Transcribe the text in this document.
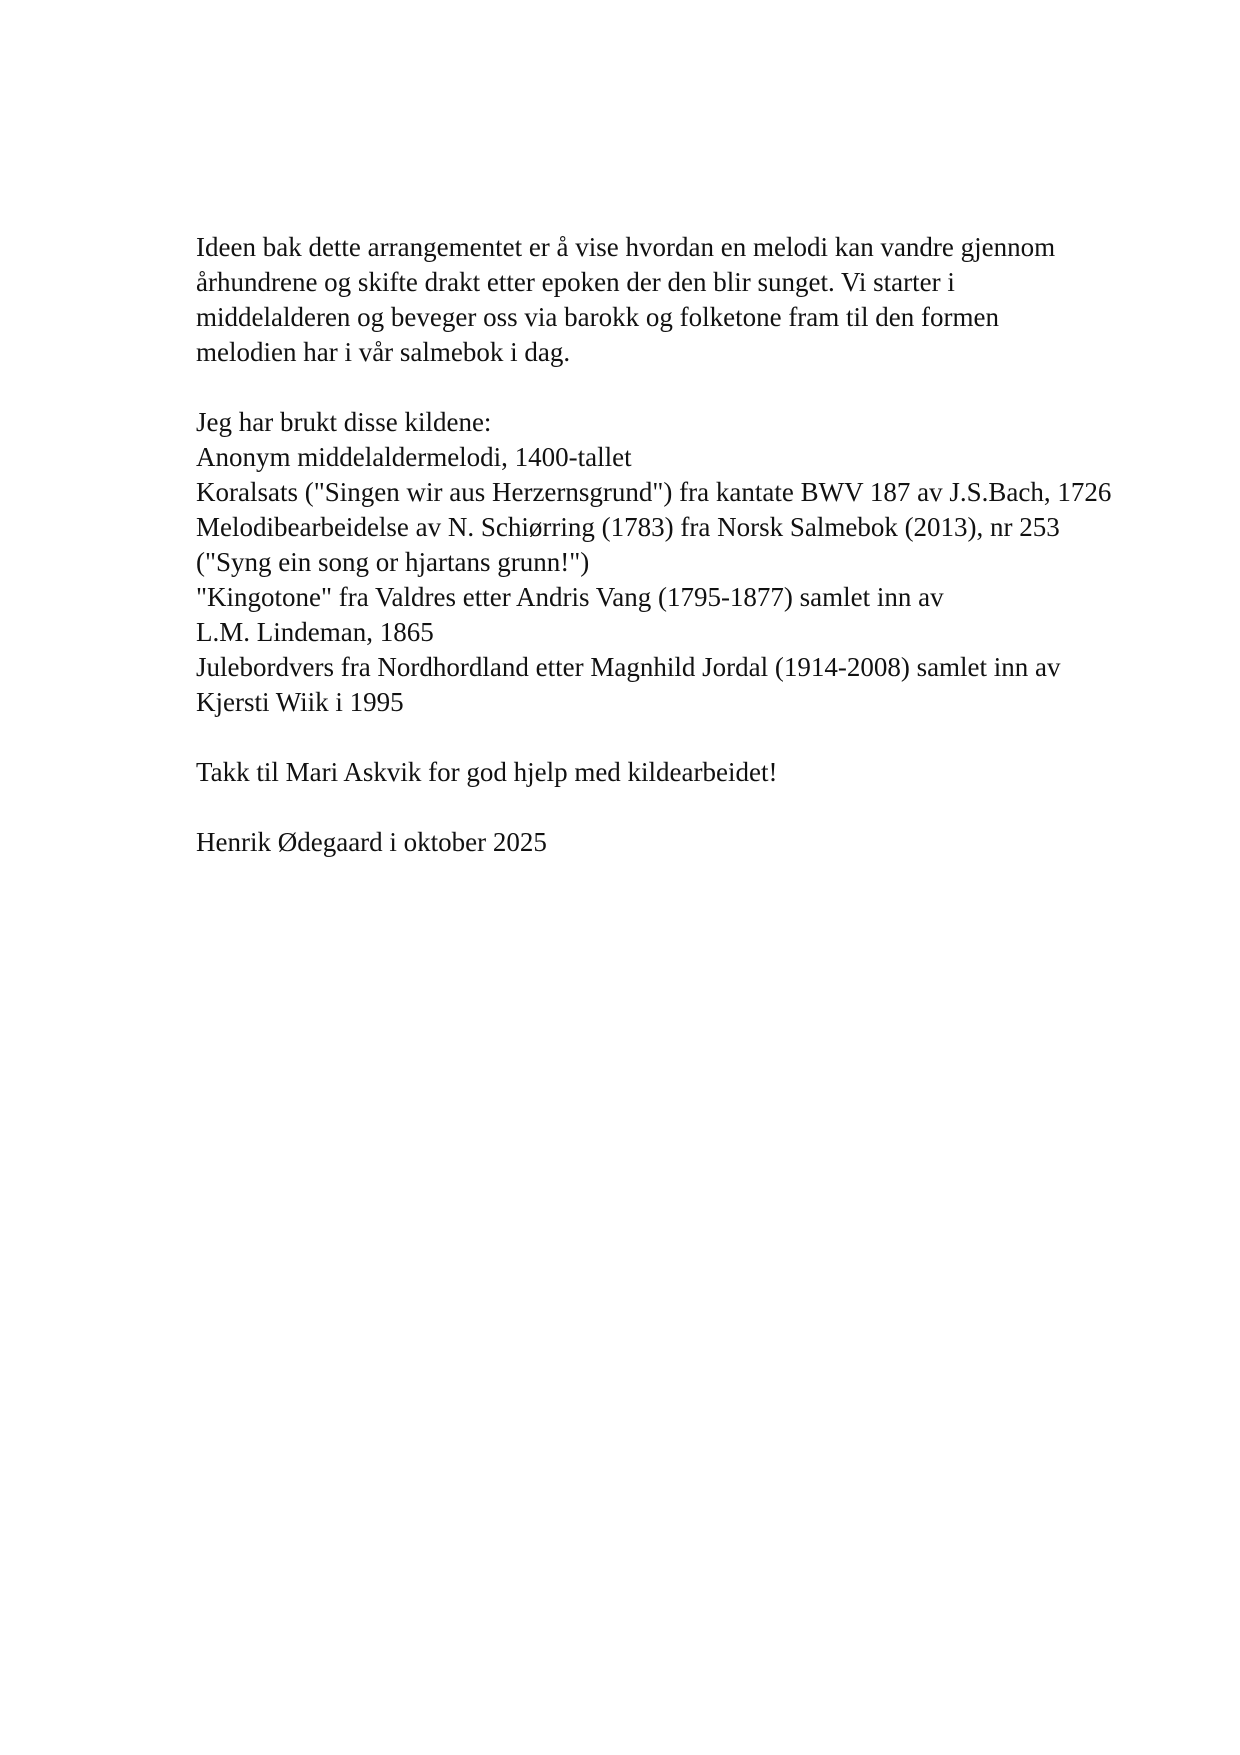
Ideen bak dette arrangementet er å vise hvordan en melodi kan vandre gjennom
århundrene og skifte drakt etter epoken der den blir sunget. Vi starter i
middelalderen og beveger oss via barokk og folketone fram til den formen
melodien har i vår salmebok i dag.
Jeg har brukt disse kildene:
Anonym middelaldermelodi, 1400-tallet
Koralsats ("Singen wir aus Herzernsgrund") fra kantate BWV 187 av J.S.Bach, 1726
Melodibearbeidelse av N. Schiørring (1783) fra Norsk Salmebok (2013), nr 253
("Syng ein song or hjartans grunn!")
"Kingotone" fra Valdres etter Andris Vang (1795-1877) samlet inn av
L.M. Lindeman, 1865
Julebordvers fra Nordhordland etter Magnhild Jordal (1914-2008) samlet inn av
Kjersti Wiik i 1995
Takk til Mari Askvik for god hjelp med kildearbeidet!
Henrik Ødegaard i oktober 2025
